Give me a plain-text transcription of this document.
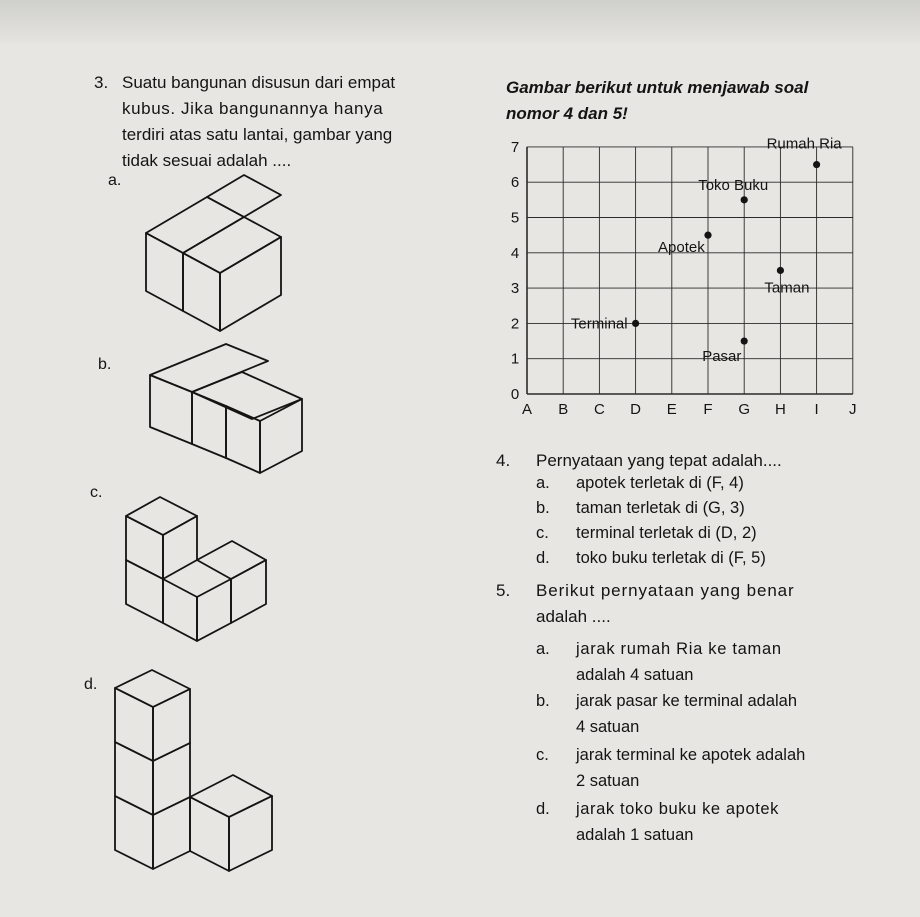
3. Suatu bangunan disusun dari empat
kubus. Jika bangunannya hanya
terdiri atas satu lantai, gambar yang
tidak sesuai adalah ....
a.
b.
c.
d.
Gambar berikut untuk menjawab soal
nomor 4 dan 5!
A B C D E F G H I J
0
1
2
3
4
5
6
7	Rumah Ria
Toko Buku
Apotek
Taman
Terminal
Pasar
4. Pernyataan yang tepat adalah....
a. apotek terletak di (F, 4)
b. taman terletak di (G, 3)
c. terminal terletak di (D, 2)
d. toko buku terletak di (F, 5)
5. Berikut pernyataan yang benar
adalah ....
a. jarak rumah Ria ke taman
adalah 4 satuan
b. jarak pasar ke terminal adalah
4 satuan
c. jarak terminal ke apotek adalah
2 satuan
d. jarak toko buku ke apotek
adalah 1 satuan
